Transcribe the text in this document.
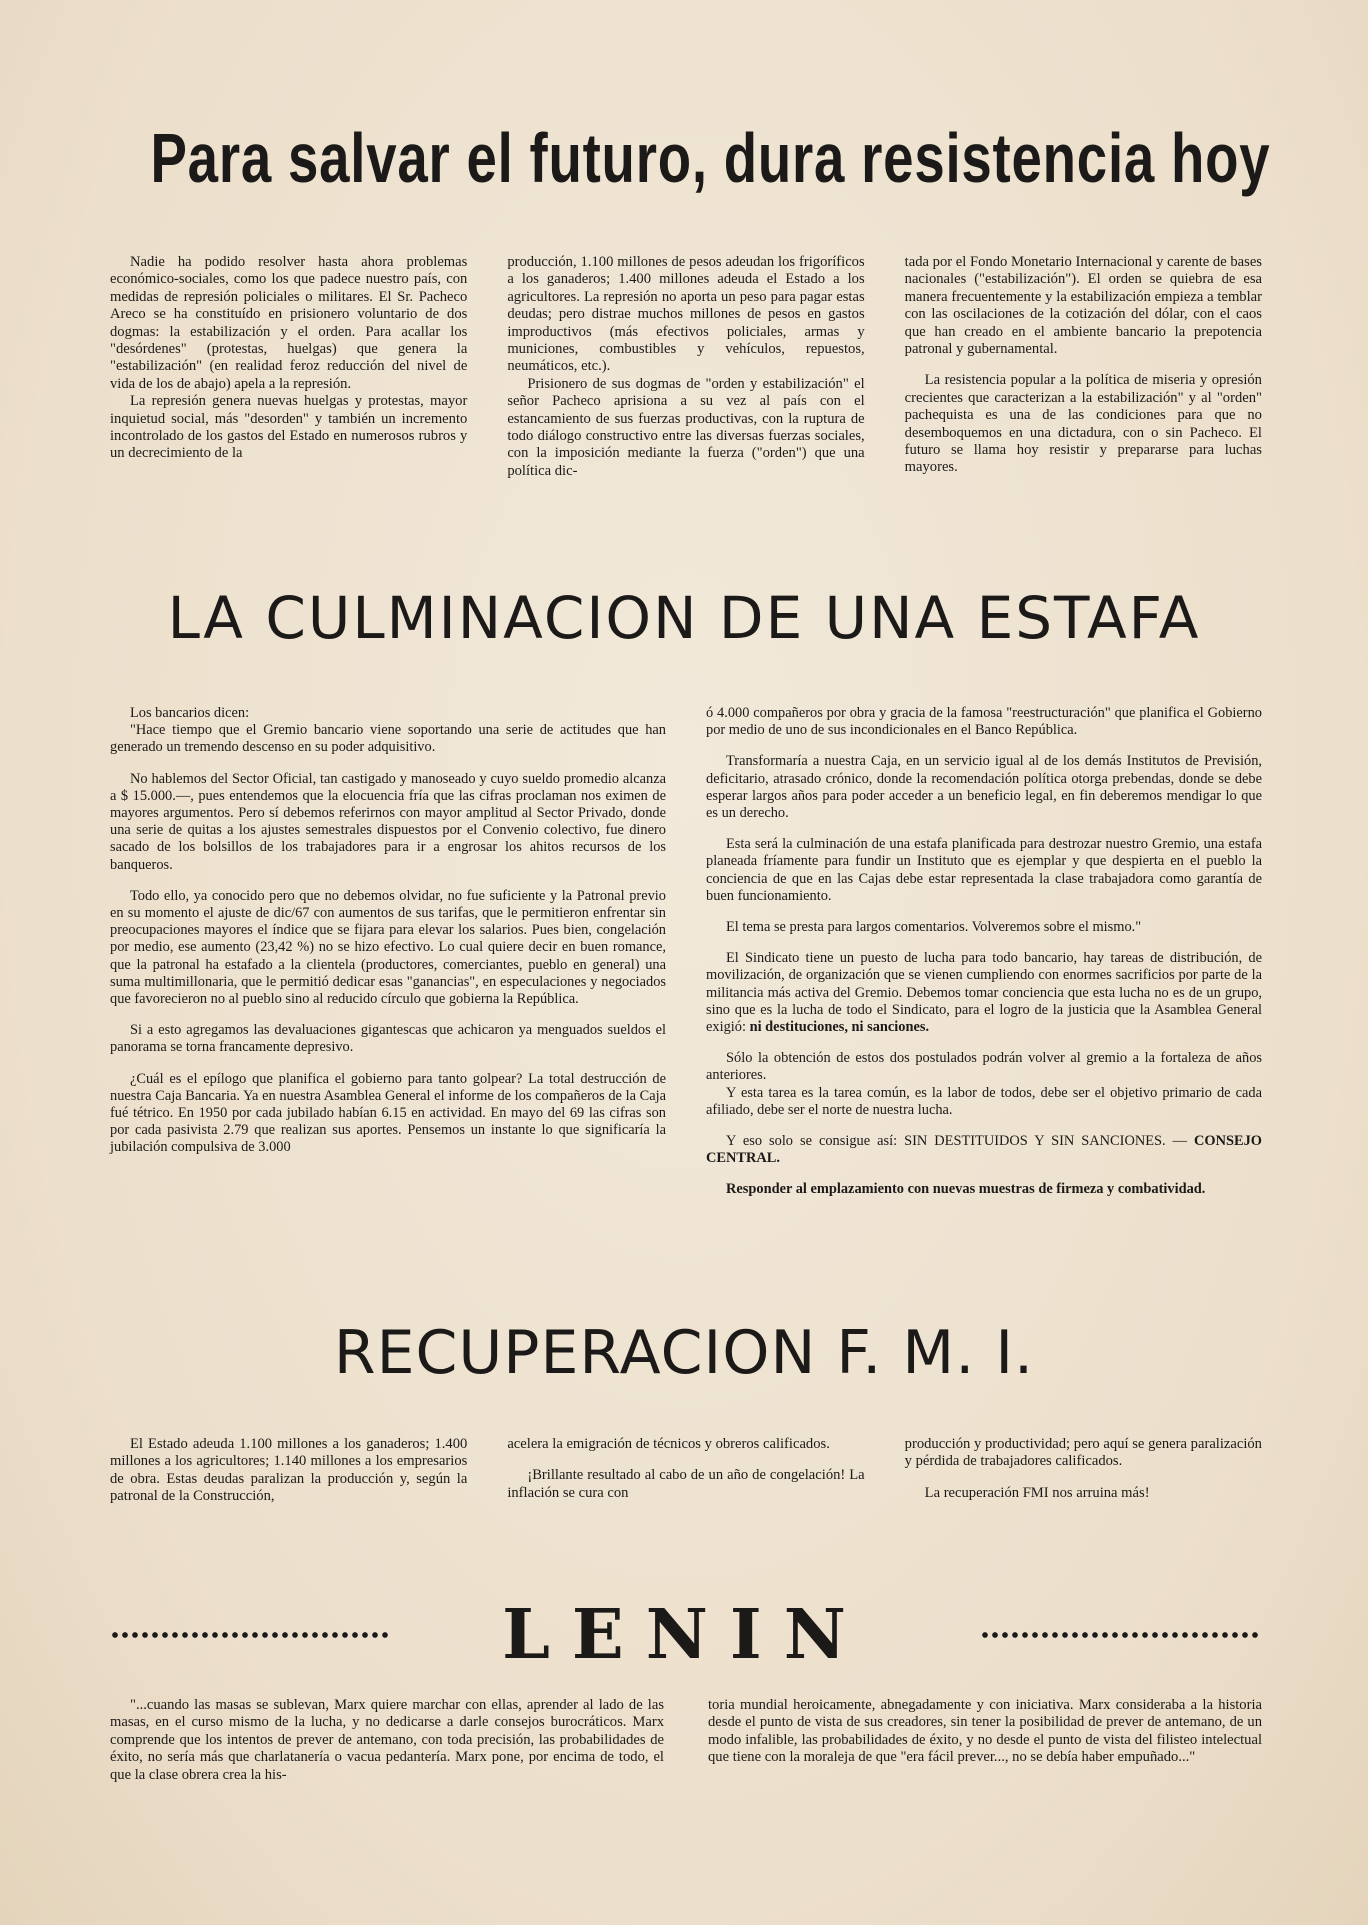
Para salvar el futuro, dura resistencia hoy

Nadie ha podido resolver hasta ahora problemas económico-sociales, como los que padece nuestro país, con medidas de represión policiales o militares. El Sr. Pacheco Areco se ha constituído en prisionero voluntario de dos dogmas: la estabilización y el orden. Para acallar los "desórdenes" (protestas, huelgas) que genera la "estabilización" (en realidad feroz reducción del nivel de vida de los de abajo) apela a la represión.

La represión genera nuevas huelgas y protestas, mayor inquietud social, más "desorden" y también un incremento incontrolado de los gastos del Estado en numerosos rubros y un decrecimiento de la

producción, 1.100 millones de pesos adeudan los frigoríficos a los ganaderos; 1.400 millones adeuda el Estado a los agricultores. La represión no aporta un peso para pagar estas deudas; pero distrae muchos millones de pesos en gastos improductivos (más efectivos policiales, armas y municiones, combustibles y vehículos, repuestos, neumáticos, etc.).

Prisionero de sus dogmas de "orden y estabilización" el señor Pacheco aprisiona a su vez al país con el estancamiento de sus fuerzas productivas, con la ruptura de todo diálogo constructivo entre las diversas fuerzas sociales, con la imposición mediante la fuerza ("orden") que una política dic-

tada por el Fondo Monetario Internacional y carente de bases nacionales ("estabilización"). El orden se quiebra de esa manera frecuentemente y la estabilización empieza a temblar con las oscilaciones de la cotización del dólar, con el caos que han creado en el ambiente bancario la prepotencia patronal y gubernamental.

La resistencia popular a la política de miseria y opresión crecientes que caracterizan a la estabilización" y al "orden" pachequista es una de las condiciones para que no desemboquemos en una dictadura, con o sin Pacheco. El futuro se llama hoy resistir y prepararse para luchas mayores.

LA CULMINACION DE UNA ESTAFA

Los bancarios dicen:

"Hace tiempo que el Gremio bancario viene soportando una serie de actitudes que han generado un tremendo descenso en su poder adquisitivo.

No hablemos del Sector Oficial, tan castigado y manoseado y cuyo sueldo promedio alcanza a $ 15.000.—, pues entendemos que la elocuencia fría que las cifras proclaman nos eximen de mayores argumentos. Pero sí debemos referirnos con mayor amplitud al Sector Privado, donde una serie de quitas a los ajustes semestrales dispuestos por el Convenio colectivo, fue dinero sacado de los bolsillos de los trabajadores para ir a engrosar los ahitos recursos de los banqueros.

Todo ello, ya conocido pero que no debemos olvidar, no fue suficiente y la Patronal previo en su momento el ajuste de dic/67 con aumentos de sus tarifas, que le permitieron enfrentar sin preocupaciones mayores el índice que se fijara para elevar los salarios. Pues bien, congelación por medio, ese aumento (23,42 %) no se hizo efectivo. Lo cual quiere decir en buen romance, que la patronal ha estafado a la clientela (productores, comerciantes, pueblo en general) una suma multimillonaria, que le permitió dedicar esas "ganancias", en especulaciones y negociados que favorecieron no al pueblo sino al reducido círculo que gobierna la República.

Si a esto agregamos las devaluaciones gigantescas que achicaron ya menguados sueldos el panorama se torna francamente depresivo.

¿Cuál es el epílogo que planifica el gobierno para tanto golpear? La total destrucción de nuestra Caja Bancaria. Ya en nuestra Asamblea General el informe de los compañeros de la Caja fué tétrico. En 1950 por cada jubilado habían 6.15 en actividad. En mayo del 69 las cifras son por cada pasivista 2.79 que realizan sus aportes. Pensemos un instante lo que significaría la jubilación compulsiva de 3.000

ó 4.000 compañeros por obra y gracia de la famosa "reestructuración" que planifica el Gobierno por medio de uno de sus incondicionales en el Banco República.

Transformaría a nuestra Caja, en un servicio igual al de los demás Institutos de Previsión, deficitario, atrasado crónico, donde la recomendación política otorga prebendas, donde se debe esperar largos años para poder acceder a un beneficio legal, en fin deberemos mendigar lo que es un derecho.

Esta será la culminación de una estafa planificada para destrozar nuestro Gremio, una estafa planeada fríamente para fundir un Instituto que es ejemplar y que despierta en el pueblo la conciencia de que en las Cajas debe estar representada la clase trabajadora como garantía de buen funcionamiento.

El tema se presta para largos comentarios. Volveremos sobre el mismo."

El Sindicato tiene un puesto de lucha para todo bancario, hay tareas de distribución, de movilización, de organización que se vienen cumpliendo con enormes sacrificios por parte de la militancia más activa del Gremio. Debemos tomar conciencia que esta lucha no es de un grupo, sino que es la lucha de todo el Sindicato, para el logro de la justicia que la Asamblea General exigió: ni destituciones, ni sanciones.

Sólo la obtención de estos dos postulados podrán volver al gremio a la fortaleza de años anteriores.

Y esta tarea es la tarea común, es la labor de todos, debe ser el objetivo primario de cada afiliado, debe ser el norte de nuestra lucha.

Y eso solo se consigue así: SIN DESTITUIDOS Y SIN SANCIONES. — CONSEJO CENTRAL.

Responder al emplazamiento con nuevas muestras de firmeza y combatividad.

RECUPERACION F. M. I.

El Estado adeuda 1.100 millones a los ganaderos; 1.400 millones a los agricultores; 1.140 millones a los empresarios de obra. Estas deudas paralizan la producción y, según la patronal de la Construcción,

acelera la emigración de técnicos y obreros calificados.

¡Brillante resultado al cabo de un año de congelación! La inflación se cura con

producción y productividad; pero aquí se genera paralización y pérdida de trabajadores calificados.

La recuperación FMI nos arruina más!

LENIN

"...cuando las masas se sublevan, Marx quiere marchar con ellas, aprender al lado de las masas, en el curso mismo de la lucha, y no dedicarse a darle consejos burocráticos. Marx comprende que los intentos de prever de antemano, con toda precisión, las probabilidades de éxito, no sería más que charlatanería o vacua pedantería. Marx pone, por encima de todo, el que la clase obrera crea la his-

toria mundial heroicamente, abnegadamente y con iniciativa. Marx consideraba a la historia desde el punto de vista de sus creadores, sin tener la posibilidad de prever de antemano, de un modo infalible, las probabilidades de éxito, y no desde el punto de vista del filisteo intelectual que tiene con la moraleja de que "era fácil prever..., no se debía haber empuñado..."
